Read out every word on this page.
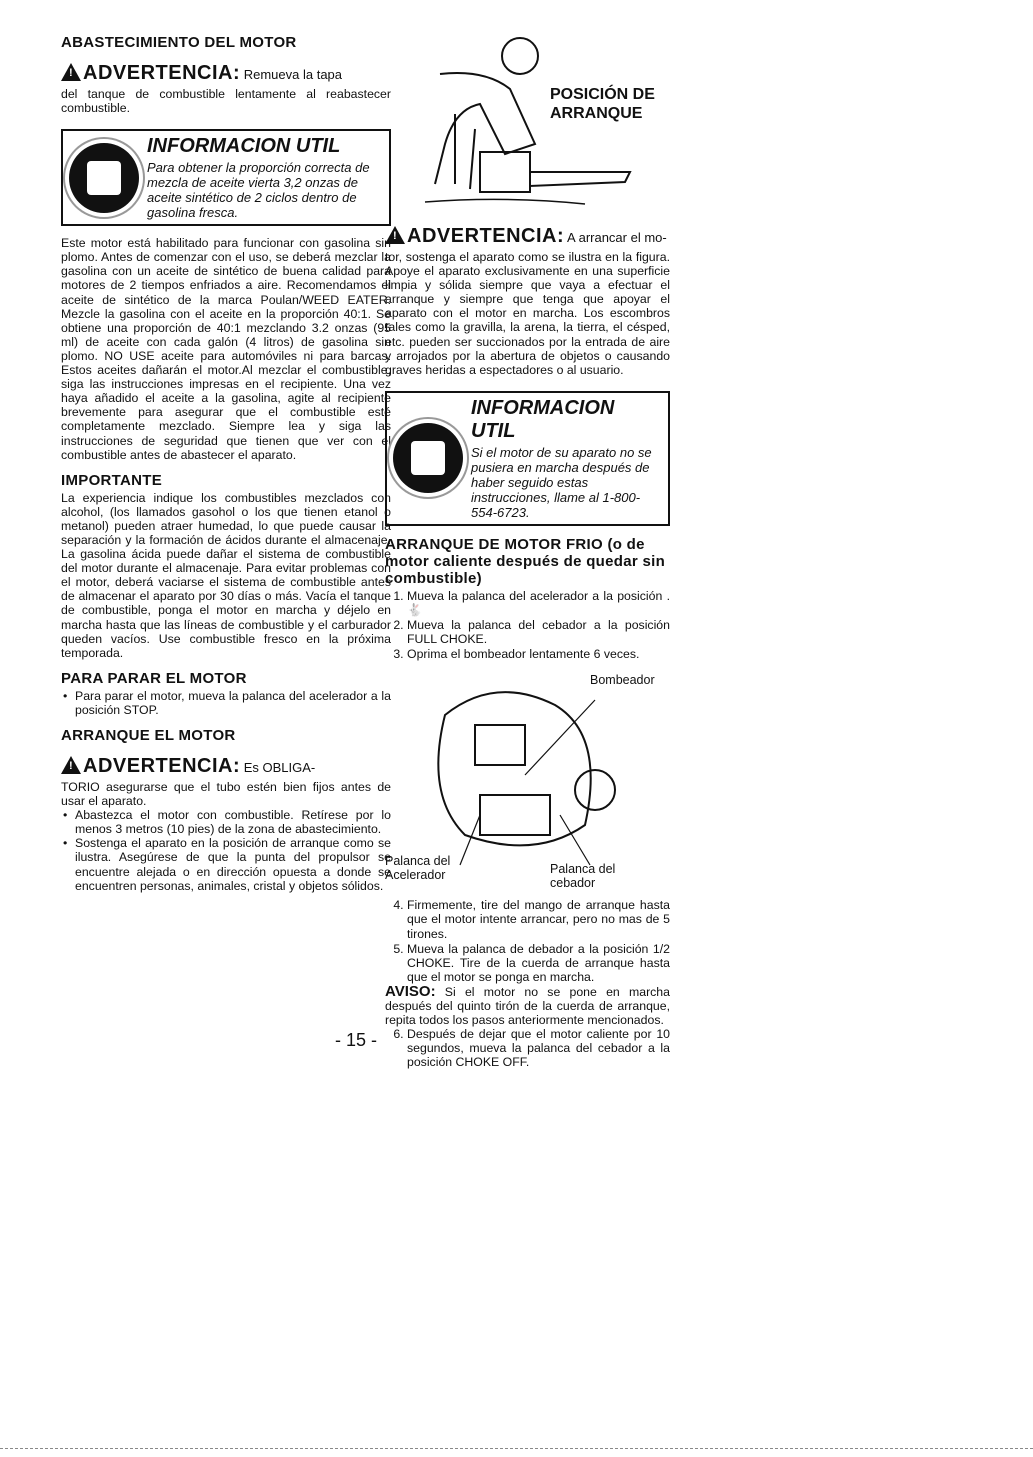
ABASTECIMIENTO DEL MOTOR
!ADVERTENCIA: Remueva la tapa

del tanque de combustible lentamente al reabastecer combustible.

INFORMACION UTIL
Para obtener la proporción correcta de mezcla de aceite vierta 3,2 onzas de aceite sintético de 2 ciclos dentro de gasolina fresca.

Este motor está habilitado para funcionar con gasolina sin plomo. Antes de comenzar con el uso, se deberá mezclar la gasolina con un aceite de sintético de buena calidad para motores de 2 tiempos enfriados a aire. Recomendamos el aceite de sintético de la marca Poulan/WEED EATER. Mezcle la gasolina con el aceite en la proporción 40:1. Se obtiene una proporción de 40:1 mezclando 3.2 onzas (95 ml) de aceite con cada galón (4 litros) de gasolina sin plomo. NO USE aceite para automóviles ni para barcas. Estos aceites dañarán el motor.Al mezclar el combustible, siga las instrucciones impresas en el recipiente. Una vez haya añadido el aceite a la gasolina, agite al recipiente brevemente para asegurar que el combustible esté completamente mezclado. Siempre lea y siga las instrucciones de seguridad que tienen que ver con el combustible antes de abastecer el aparato.

IMPORTANTE

La experiencia indique los combustibles mezclados con alcohol, (los llamados gasohol o los que tienen etanol o metanol) pueden atraer humedad, lo que puede causar la separación y la formación de ácidos durante el almacenaje. La gasolina ácida puede dañar el sistema de combustible del motor durante el almacenaje. Para evitar problemas con el motor, deberá vaciarse el sistema de combustible antes de almacenar el aparato por 30 días o más. Vacía el tanque de combustible, ponga el motor en marcha y déjelo en marcha hasta que las líneas de combustible y el carburador queden vacíos. Use combustible fresco en la próxima temporada.

PARA PARAR EL MOTOR
• Para parar el motor, mueva la palanca del acelerador a la posición STOP.
ARRANQUE EL MOTOR
!ADVERTENCIA: Es OBLIGA-

TORIO asegurarse que el tubo estén bien fijos antes de usar el aparato.

• Abastezca el motor con combustible. Retírese por lo menos 3 metros (10 pies) de la zona de abastecimiento.
• Sostenga el aparato en la posición de arranque como se ilustra. Asegúrese de que la punta del propulsor se encuentre alejada o en dirección opuesta a donde se encuentren personas, animales, cristal y objetos sólidos.
POSICIÓN DE
ARRANQUE
!ADVERTENCIA: A arrancar el mo-

tor, sostenga el aparato como se ilustra en la figura. Apoye el aparato exclusivamente en una superficie limpia y sólida siempre que vaya a efectuar el arranque y siempre que tenga que apoyar el aparato con el motor en marcha. Los escombros tales como la gravilla, la arena, la tierra, el césped, etc. pueden ser succionados por la entrada de aire y arrojados por la abertura de objetos o causando graves heridas a espectadores o al usuario.

INFORMACION UTIL
Si el motor de su aparato no se pusiera en marcha después de haber seguido estas instrucciones, llame al 1-800-554-6723.
ARRANQUE DE MOTOR FRIO (o de motor caliente después de quedar sin combustible)
1. Mueva la palanca del acelerador a la posición . 🐇
2. Mueva la palanca del cebador a la posición FULL CHOKE.
3. Oprima el bombeador lentamente 6 veces.
Bombeador
Palanca del
Acelerador	Palanca del
cebador
4. Firmemente, tire del mango de arranque hasta que el motor intente arrancar, pero no mas de 5 tirones.
5. Mueva la palanca de debador a la posición 1/2 CHOKE. Tire de la cuerda de arranque hasta que el motor se ponga en marcha.

AVISO: Si el motor no se pone en marcha después del quinto tirón de la cuerda de arranque, repita todos los pasos anteriormente mencionados.

6. Después de dejar que el motor caliente por 10 segundos, mueva la palanca del cebador a la posición CHOKE OFF.
- 15 -
